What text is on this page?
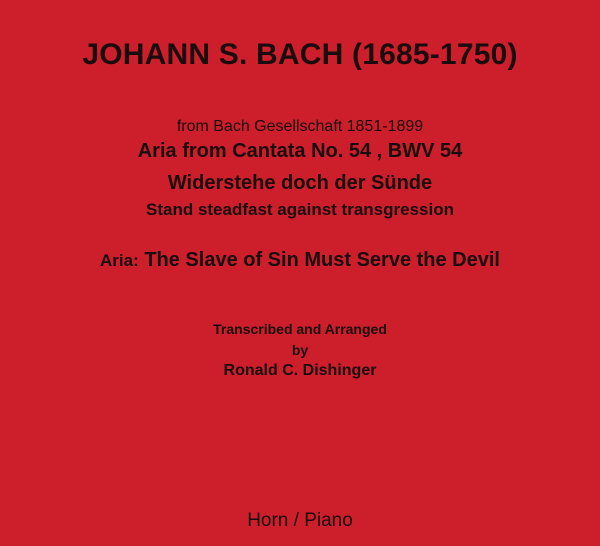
JOHANN S. BACH (1685-1750)
from Bach Gesellschaft 1851-1899
Aria from Cantata No. 54 , BWV 54
Widerstehe doch der Sünde
Stand steadfast against transgression
Aria: The Slave of Sin Must Serve the Devil
Transcribed and Arranged
by
Ronald C. Dishinger
Horn / Piano
